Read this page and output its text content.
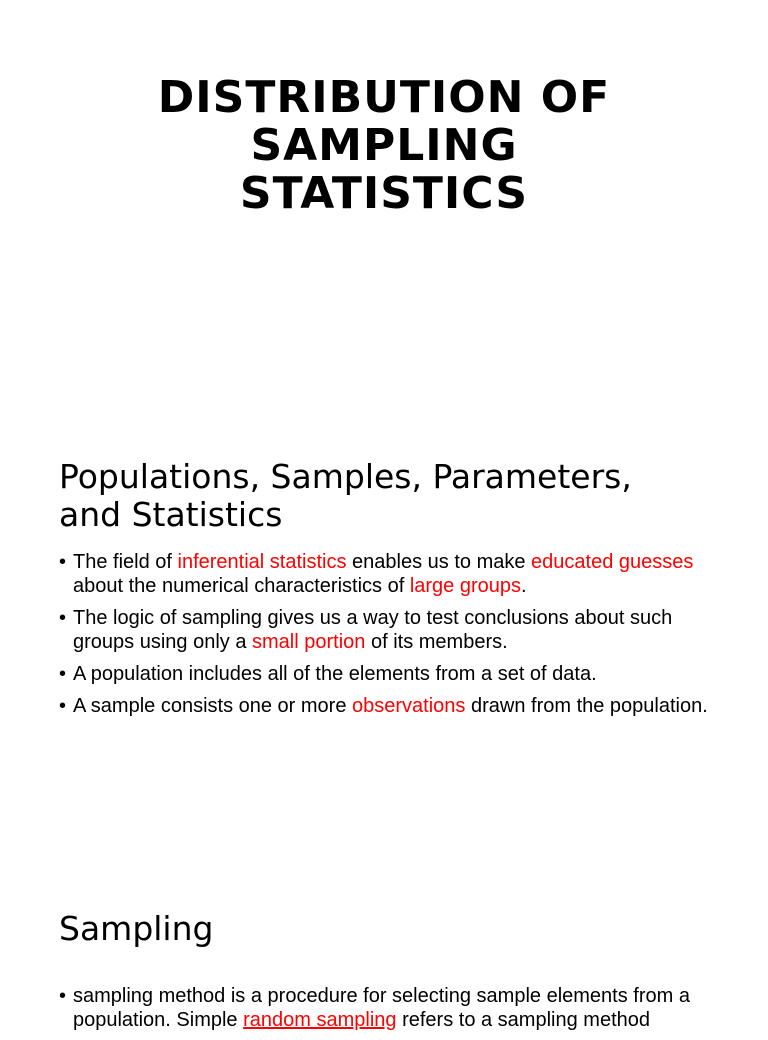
DISTRIBUTION OF
SAMPLING
STATISTICS
Populations, Samples, Parameters,
and Statistics
• The field of inferential statistics enables us to make educated guesses about the numerical characteristics of large groups.
• The logic of sampling gives us a way to test conclusions about such groups using only a small portion of its members.
• A population includes all of the elements from a set of data.
• A sample consists one or more observations drawn from the population.
Sampling
• sampling method is a procedure for selecting sample elements from a population. Simple random sampling refers to a sampling method
